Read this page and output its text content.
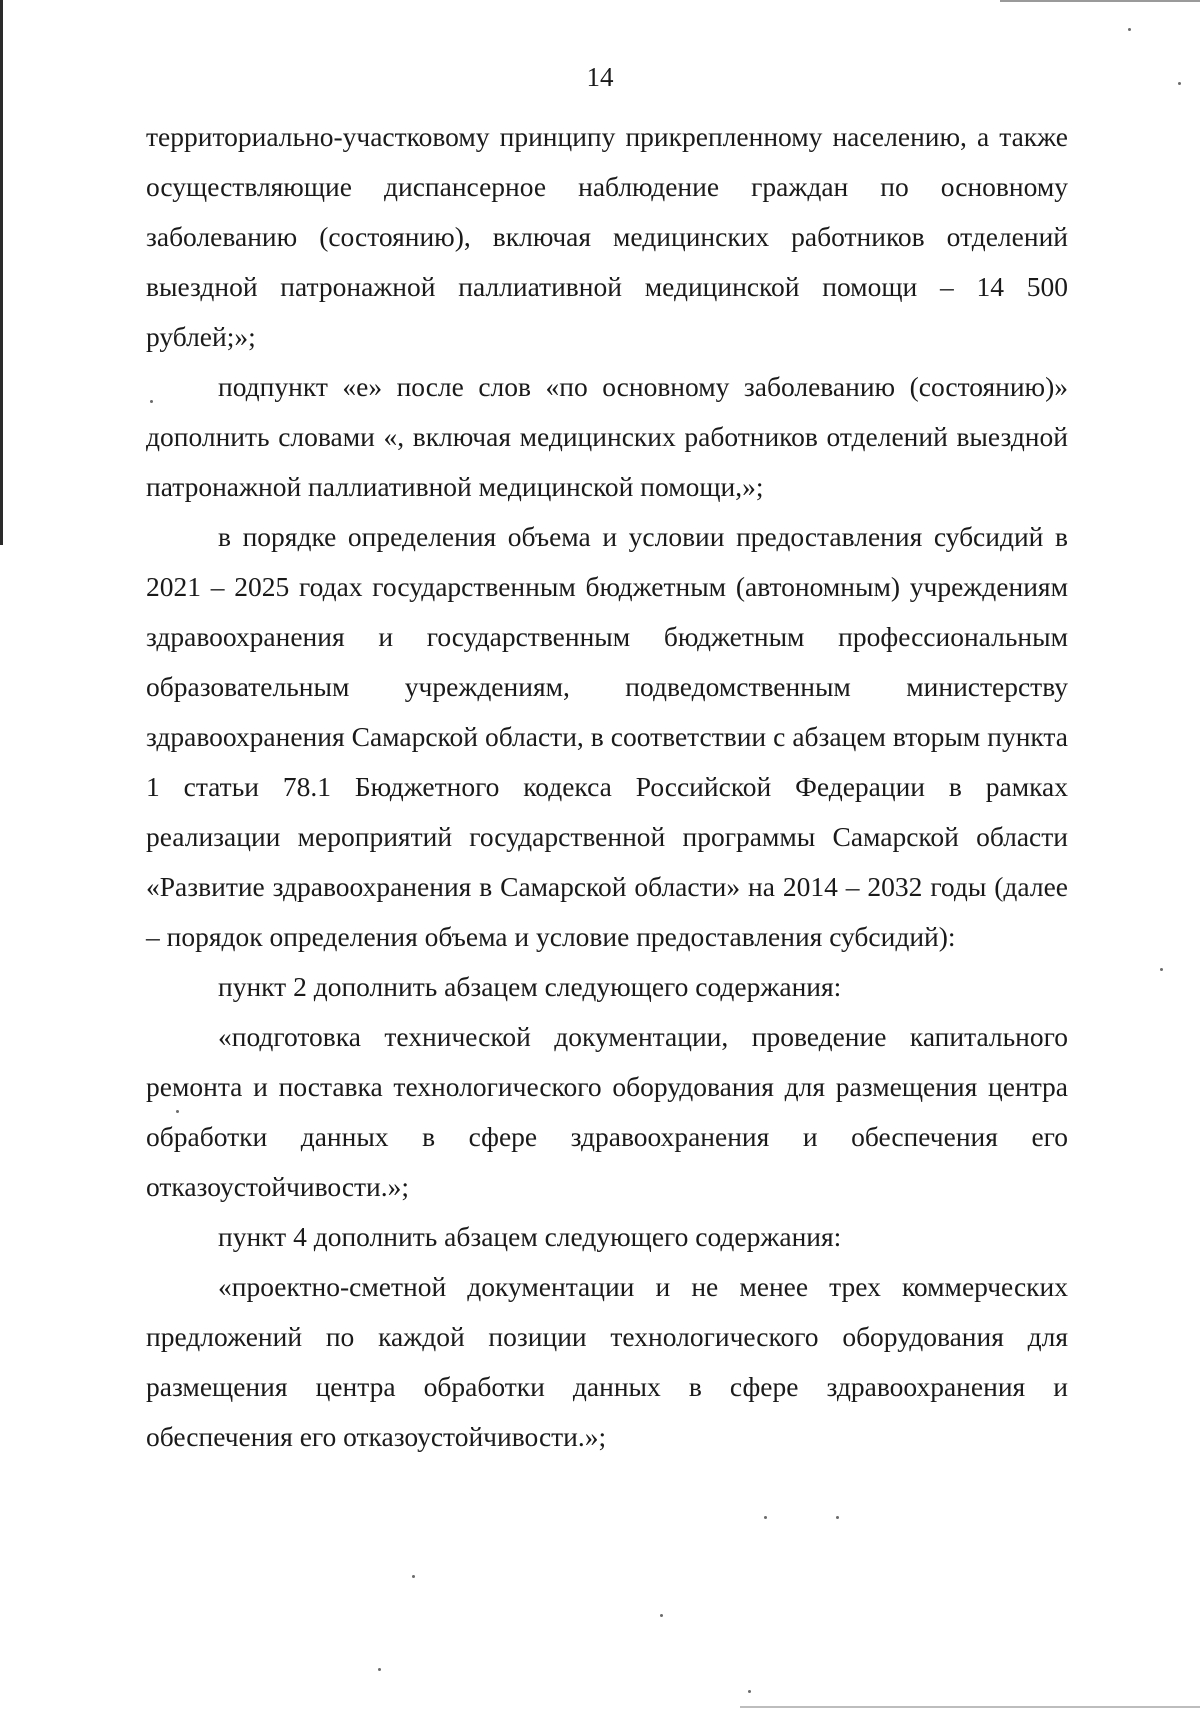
14

территориально-участковому принципу прикрепленному населению, а также осуществляющие диспансерное наблюдение граждан по основному заболеванию (состоянию), включая медицинских работников отделений выездной патронажной паллиативной медицинской помощи – 14 500 рублей;»;

подпункт «е» после слов «по основному заболеванию (состоянию)» дополнить словами «, включая медицинских работников отделений выездной патронажной паллиативной медицинской помощи,»;

в порядке определения объема и условии предоставления субсидий в 2021 – 2025 годах государственным бюджетным (автономным) учреждениям здравоохранения и государственным бюджетным профессиональным образовательным учреждениям, подведомственным министерству здравоохранения Самарской области, в соответствии с абзацем вторым пункта 1 статьи 78.1 Бюджетного кодекса Российской Федерации в рамках реализации мероприятий государственной программы Самарской области «Развитие здравоохранения в Самарской области» на 2014 – 2032 годы (далее – порядок определения объема и условие предоставления субсидий):

пункт 2 дополнить абзацем следующего содержания:

«подготовка технической документации, проведение капитального ремонта и поставка технологического оборудования для размещения центра обработки данных в сфере здравоохранения и обеспечения его отказоустойчивости.»;

пункт 4 дополнить абзацем следующего содержания:

«проектно-сметной документации и не менее трех коммерческих предложений по каждой позиции технологического оборудования для размещения центра обработки данных в сфере здравоохранения и обеспечения его отказоустойчивости.»;
